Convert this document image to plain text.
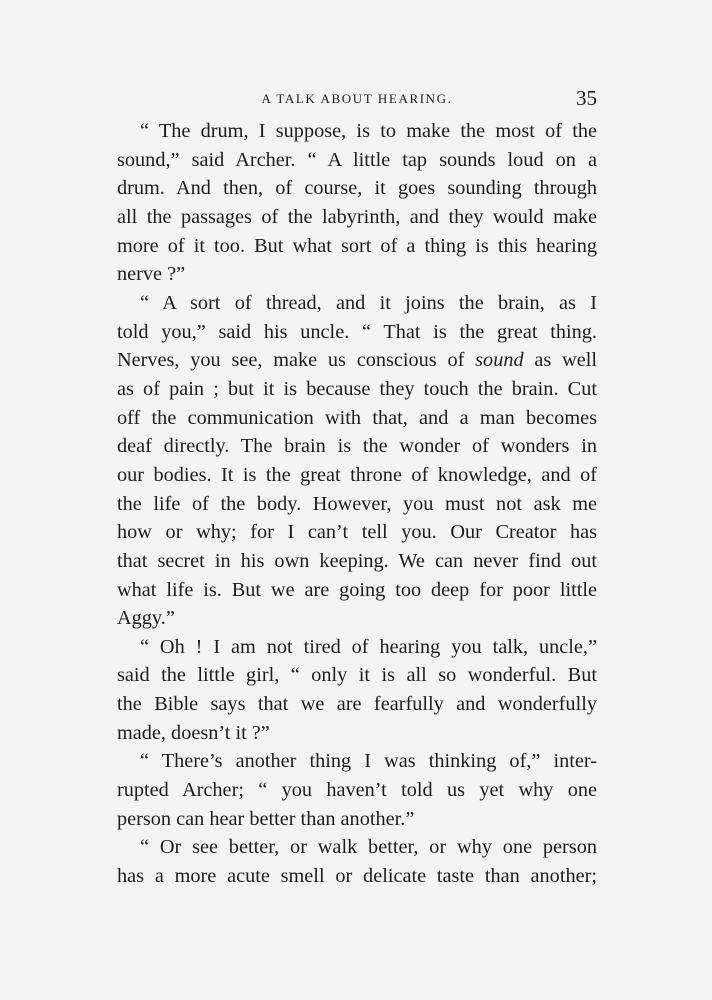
A TALK ABOUT HEARING.	35
“ The drum, I suppose, is to make the most of the
sound,” said Archer. “ A little tap sounds loud on a
drum. And then, of course, it goes sounding through
all the passages of the labyrinth, and they would make
more of it too. But what sort of a thing is this hearing
nerve ?”
“ A sort of thread, and it joins the brain, as I
told you,” said his uncle. “ That is the great thing.
Nerves, you see, make us conscious of sound as well
as of pain ; but it is because they touch the brain. Cut
off the communication with that, and a man becomes
deaf directly. The brain is the wonder of wonders in
our bodies. It is the great throne of knowledge, and of
the life of the body. However, you must not ask me
how or why; for I can’t tell you. Our Creator has
that secret in his own keeping. We can never find out
what life is. But we are going too deep for poor little
Aggy.”
“ Oh ! I am not tired of hearing you talk, uncle,”
said the little girl, “ only it is all so wonderful. But
the Bible says that we are fearfully and wonderfully
made, doesn’t it ?”
“ There’s another thing I was thinking of,” inter-
rupted Archer; “ you haven’t told us yet why one
person can hear better than another.”
“ Or see better, or walk better, or why one person
has a more acute smell or delicate taste than another;
